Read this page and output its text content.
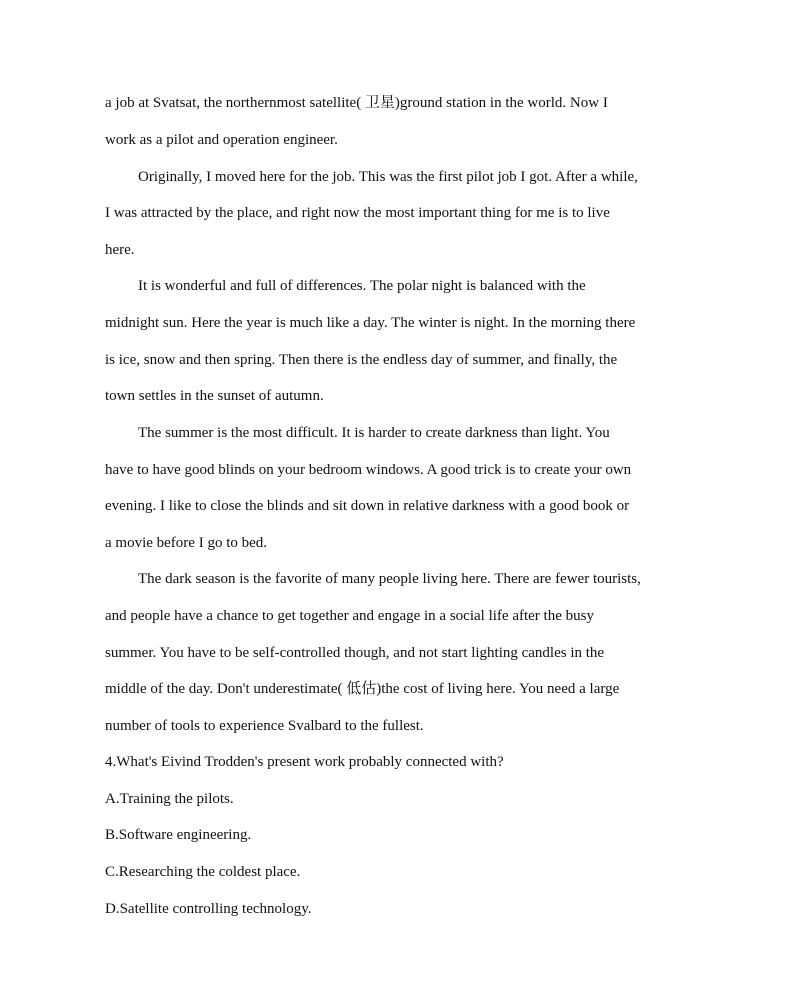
a job at Svatsat, the northernmost satellite( 卫星)ground station in the world. Now I
work as a pilot and operation engineer.
Originally, I moved here for the job. This was the first pilot job I got. After a while,
I was attracted by the place, and right now the most important thing for me is to live
here.
It is wonderful and full of differences. The polar night is balanced with the
midnight sun. Here the year is much like a day. The winter is night. In the morning there
is ice, snow and then spring. Then there is the endless day of summer, and finally, the
town settles in the sunset of autumn.
The summer is the most difficult. It is harder to create darkness than light. You
have to have good blinds on your bedroom windows. A good trick is to create your own
evening. I like to close the blinds and sit down in relative darkness with a good book or
a movie before I go to bed.
The dark season is the favorite of many people living here. There are fewer tourists,
and people have a chance to get together and engage in a social life after the busy
summer. You have to be self-controlled though, and not start lighting candles in the
middle of the day. Don't underestimate( 低估)the cost of living here. You need a large
number of tools to experience Svalbard to the fullest.
4.What's Eivind Trodden's present work probably connected with?
A.Training the pilots.
B.Software engineering.
C.Researching the coldest place.
D.Satellite controlling technology.
